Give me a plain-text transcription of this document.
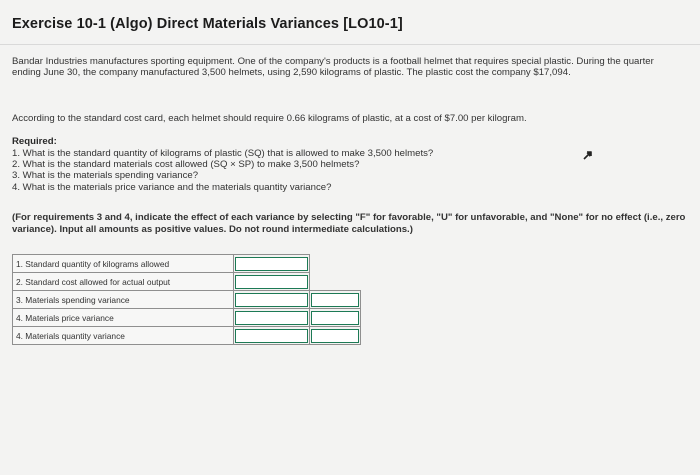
Exercise 10-1 (Algo) Direct Materials Variances [LO10-1]
Bandar Industries manufactures sporting equipment. One of the company's products is a football helmet that requires special plastic. During the quarter ending June 30, the company manufactured 3,500 helmets, using 2,590 kilograms of plastic. The plastic cost the company $17,094.
According to the standard cost card, each helmet should require 0.66 kilograms of plastic, at a cost of $7.00 per kilogram.
Required:
1. What is the standard quantity of kilograms of plastic (SQ) that is allowed to make 3,500 helmets?
2. What is the standard materials cost allowed (SQ × SP) to make 3,500 helmets?
3. What is the materials spending variance?
4. What is the materials price variance and the materials quantity variance?
(For requirements 3 and 4, indicate the effect of each variance by selecting "F" for favorable, "U" for unfavorable, and "None" for no effect (i.e., zero variance). Input all amounts as positive values. Do not round intermediate calculations.)
1. Standard quantity of kilograms allowed	

2. Standard cost allowed for actual output	

3. Materials spending variance	

4. Materials price variance	

4. Materials quantity variance	
